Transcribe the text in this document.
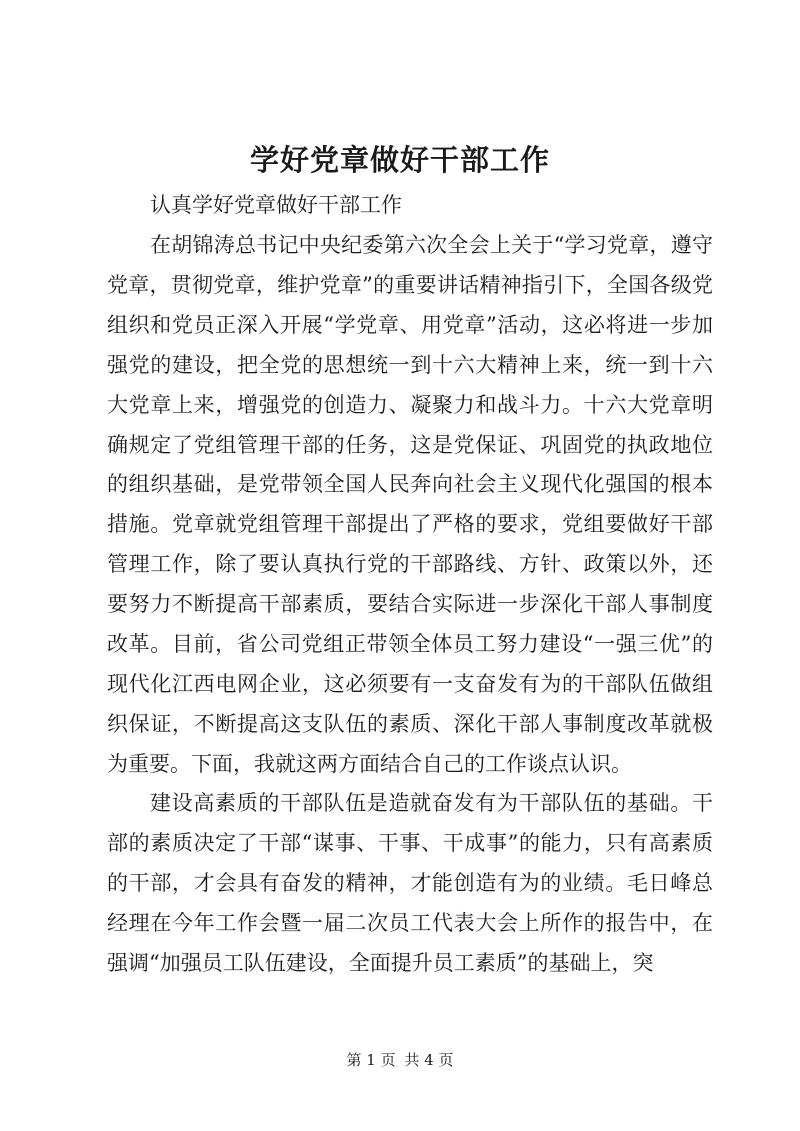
学好党章做好干部工作

认真学好党章做好干部工作

在胡锦涛总书记中央纪委第六次全会上关于“学习党章，遵守党章，贯彻党章，维护党章”的重要讲话精神指引下，全国各级党组织和党员正深入开展“学党章、用党章”活动，这必将进一步加强党的建设，把全党的思想统一到十六大精神上来，统一到十六大党章上来，增强党的创造力、凝聚力和战斗力。十六大党章明确规定了党组管理干部的任务，这是党保证、巩固党的执政地位的组织基础，是党带领全国人民奔向社会主义现代化强国的根本措施。党章就党组管理干部提出了严格的要求，党组要做好干部管理工作，除了要认真执行党的干部路线、方针、政策以外，还要努力不断提高干部素质，要结合实际进一步深化干部人事制度改革。目前，省公司党组正带领全体员工努力建设“一强三优”的现代化江西电网企业，这必须要有一支奋发有为的干部队伍做组织保证，不断提高这支队伍的素质、深化干部人事制度改革就极为重要。下面，我就这两方面结合自己的工作谈点认识。

建设高素质的干部队伍是造就奋发有为干部队伍的基础。干部的素质决定了干部“谋事、干事、干成事”的能力，只有高素质的干部，才会具有奋发的精神，才能创造有为的业绩。毛日峰总经理在今年工作会暨一届二次员工代表大会上所作的报告中，在强调“加强员工队伍建设，全面提升员工素质”的基础上，突

第 1 页 共 4 页
